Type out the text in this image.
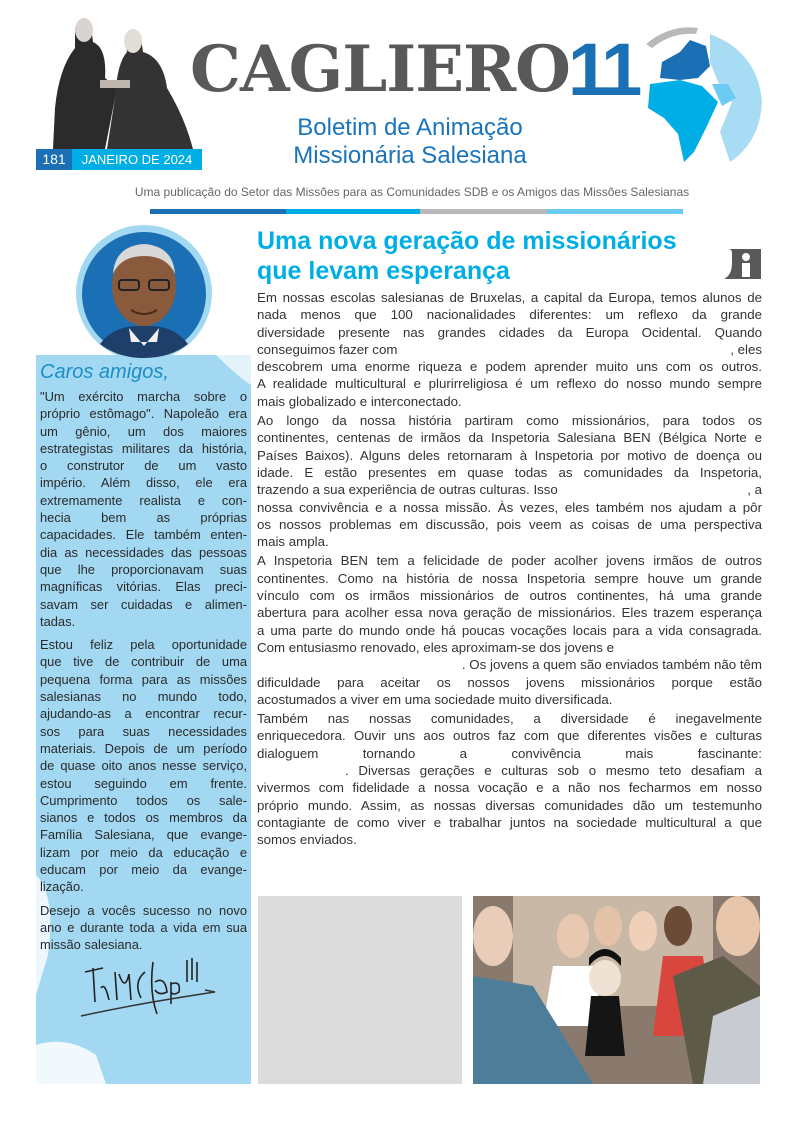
181	JANEIRO DE 2024
CAGLIERO
11
Boletim de Animação
Missionária Salesiana
Uma publicação do Setor das Missões para as Comunidades SDB e os Amigos das Missões Salesianas
Caros amigos,
"Um exército marcha sobre o
próprio estômago". Napoleão era
um gênio, um dos maiores
estrategistas militares da história,
o construtor de um vasto
império. Além disso, ele era
extremamente realista e con-
hecia bem as próprias
capacidades. Ele também enten-
dia as necessidades das pessoas
que lhe proporcionavam suas
magníficas vitórias. Elas preci-
savam ser cuidadas e alimen-
tadas.
Estou feliz pela oportunidade
que tive de contribuir de uma
pequena forma para as missões
salesianas no mundo todo,
ajudando-as a encontrar recur-
sos para suas necessidades
materiais. Depois de um período
de quase oito anos nesse serviço,
estou seguindo em frente.
Cumprimento todos os sale-
sianos e todos os membros da
Família Salesiana, que evange-
lizam por meio da educação e
educam por meio da evange-
lização.
Desejo a vocês sucesso no novo
ano e durante toda a vida em sua
missão salesiana.
Uma nova geração de missionários
que levam esperança
Em nossas escolas salesianas de Bruxelas, a capital da Europa, temos alunos de
nada menos que 100 nacionalidades diferentes: um reflexo da grande
diversidade presente nas grandes cidades da Europa Ocidental. Quando
conseguimos fazer com	, eles
descobrem uma enorme riqueza e podem aprender muito uns com os outros.
A realidade multicultural e plurirreligiosa é um reflexo do nosso mundo sempre
mais globalizado e interconectado.
Ao longo da nossa história partiram como missionários, para todos os
continentes, centenas de irmãos da Inspetoria Salesiana BEN (Bélgica Norte e
Países Baixos). Alguns deles retornaram à Inspetoria por motivo de doença ou
idade. E estão presentes em quase todas as comunidades da Inspetoria,
trazendo a sua experiência de outras culturas. Isso	, a
nossa convivência e a nossa missão. Às vezes, eles também nos ajudam a pôr
os nossos problemas em discussão, pois veem as coisas de uma perspectiva
mais ampla.
A Inspetoria BEN tem a felicidade de poder acolher jovens irmãos de outros
continentes. Como na história de nossa Inspetoria sempre houve um grande
vínculo com os irmãos missionários de outros continentes, há uma grande
abertura para acolher essa nova geração de missionários. Eles trazem esperança
a uma parte do mundo onde há poucas vocações locais para a vida consagrada.
Com entusiasmo renovado, eles aproximam-se dos jovens e
. Os jovens a quem são enviados também não têm
dificuldade para aceitar os nossos jovens missionários porque estão
acostumados a viver em uma sociedade muito diversificada.
Também nas nossas comunidades, a diversidade é inegavelmente
enriquecedora. Ouvir uns aos outros faz com que diferentes visões e culturas
dialoguem tornando a convivência mais fascinante:
. Diversas gerações e culturas sob o mesmo teto desafiam a
vivermos com fidelidade a nossa vocação e a não nos fecharmos em nosso
próprio mundo. Assim, as nossas diversas comunidades dão um testemunho
contagiante de como viver e trabalhar juntos na sociedade multicultural a que
somos enviados.
